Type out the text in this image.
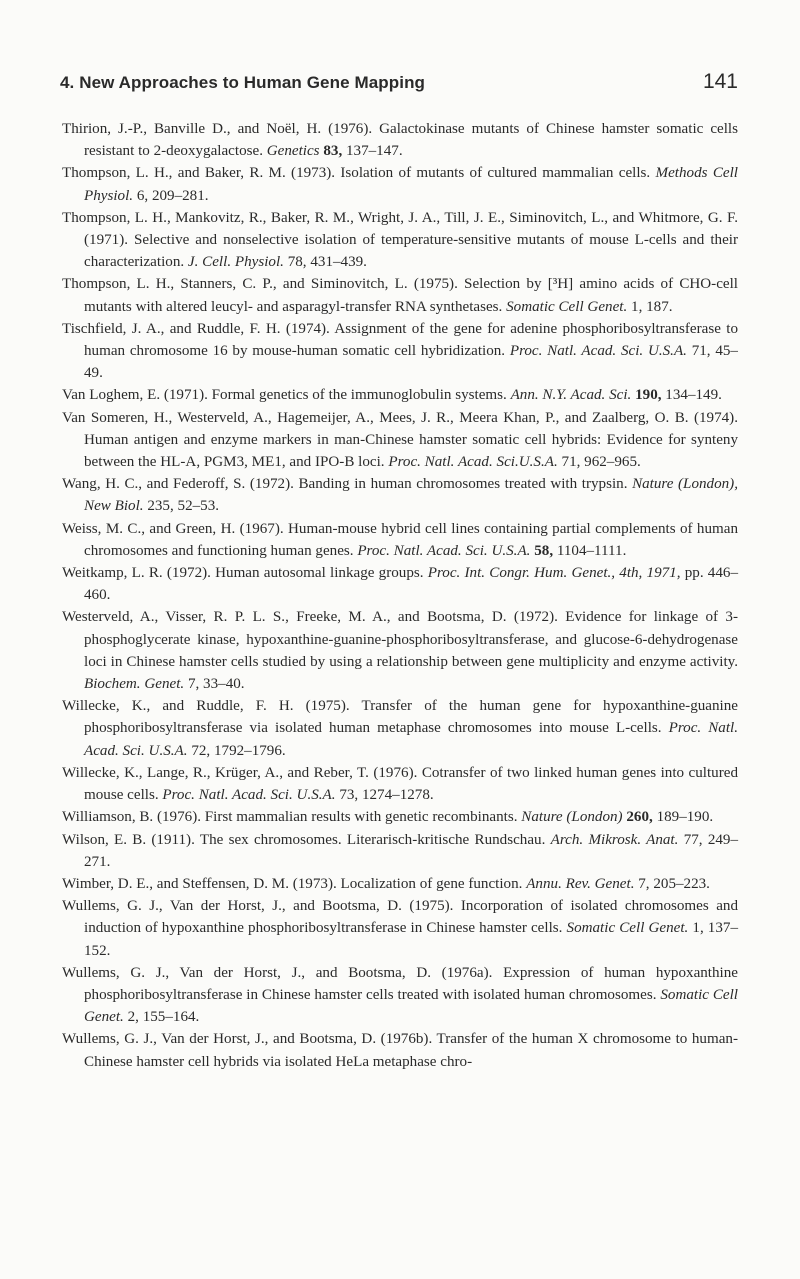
4. New Approaches to Human Gene Mapping	141
Thirion, J.-P., Banville D., and Noël, H. (1976). Galactokinase mutants of Chinese hamster somatic cells resistant to 2-deoxygalactose. Genetics 83, 137–147.
Thompson, L. H., and Baker, R. M. (1973). Isolation of mutants of cultured mammalian cells. Methods Cell Physiol. 6, 209–281.
Thompson, L. H., Mankovitz, R., Baker, R. M., Wright, J. A., Till, J. E., Siminovitch, L., and Whitmore, G. F. (1971). Selective and nonselective isolation of temperature-sensitive mutants of mouse L-cells and their characterization. J. Cell. Physiol. 78, 431–439.
Thompson, L. H., Stanners, C. P., and Siminovitch, L. (1975). Selection by [³H] amino acids of CHO-cell mutants with altered leucyl- and asparagyl-transfer RNA synthetases. Somatic Cell Genet. 1, 187.
Tischfield, J. A., and Ruddle, F. H. (1974). Assignment of the gene for adenine phosphoribosyltransferase to human chromosome 16 by mouse-human somatic cell hybridization. Proc. Natl. Acad. Sci. U.S.A. 71, 45–49.
Van Loghem, E. (1971). Formal genetics of the immunoglobulin systems. Ann. N.Y. Acad. Sci. 190, 134–149.
Van Someren, H., Westerveld, A., Hagemeijer, A., Mees, J. R., Meera Khan, P., and Zaalberg, O. B. (1974). Human antigen and enzyme markers in man-Chinese hamster somatic cell hybrids: Evidence for synteny between the HL-A, PGM3, ME1, and IPO-B loci. Proc. Natl. Acad. Sci.U.S.A. 71, 962–965.
Wang, H. C., and Federoff, S. (1972). Banding in human chromosomes treated with trypsin. Nature (London), New Biol. 235, 52–53.
Weiss, M. C., and Green, H. (1967). Human-mouse hybrid cell lines containing partial complements of human chromosomes and functioning human genes. Proc. Natl. Acad. Sci. U.S.A. 58, 1104–1111.
Weitkamp, L. R. (1972). Human autosomal linkage groups. Proc. Int. Congr. Hum. Genet., 4th, 1971, pp. 446–460.
Westerveld, A., Visser, R. P. L. S., Freeke, M. A., and Bootsma, D. (1972). Evidence for linkage of 3-phosphoglycerate kinase, hypoxanthine-guanine-phosphoribosyltransferase, and glucose-6-dehydrogenase loci in Chinese hamster cells studied by using a relationship between gene multiplicity and enzyme activity. Biochem. Genet. 7, 33–40.
Willecke, K., and Ruddle, F. H. (1975). Transfer of the human gene for hypoxanthine-guanine phosphoribosyltransferase via isolated human metaphase chromosomes into mouse L-cells. Proc. Natl. Acad. Sci. U.S.A. 72, 1792–1796.
Willecke, K., Lange, R., Krüger, A., and Reber, T. (1976). Cotransfer of two linked human genes into cultured mouse cells. Proc. Natl. Acad. Sci. U.S.A. 73, 1274–1278.
Williamson, B. (1976). First mammalian results with genetic recombinants. Nature (London) 260, 189–190.
Wilson, E. B. (1911). The sex chromosomes. Literarisch-kritische Rundschau. Arch. Mikrosk. Anat. 77, 249–271.
Wimber, D. E., and Steffensen, D. M. (1973). Localization of gene function. Annu. Rev. Genet. 7, 205–223.
Wullems, G. J., Van der Horst, J., and Bootsma, D. (1975). Incorporation of isolated chromosomes and induction of hypoxanthine phosphoribosyltransferase in Chinese hamster cells. Somatic Cell Genet. 1, 137–152.
Wullems, G. J., Van der Horst, J., and Bootsma, D. (1976a). Expression of human hypoxanthine phosphoribosyltransferase in Chinese hamster cells treated with isolated human chromosomes. Somatic Cell Genet. 2, 155–164.
Wullems, G. J., Van der Horst, J., and Bootsma, D. (1976b). Transfer of the human X chromosome to human-Chinese hamster cell hybrids via isolated HeLa metaphase chro-
